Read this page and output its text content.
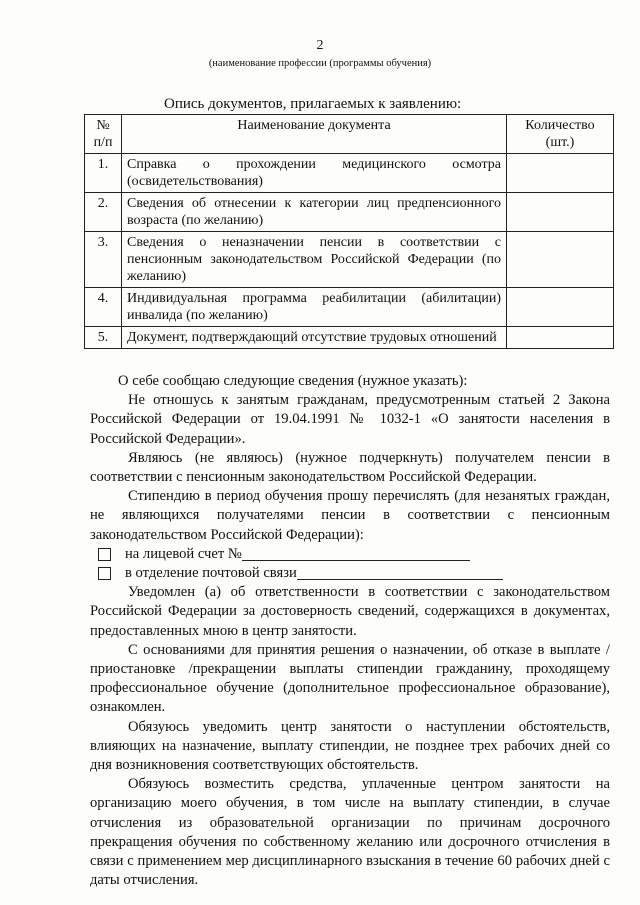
2
(наименование профессии (программы обучения)
Опись документов, прилагаемых к заявлению:
№ п/п	Наименование документа	Количество (шт.)
1.	Справка о прохождении медицинского осмотра (освидетельствования)	
2.	Сведения об отнесении к категории лиц предпенсионного возраста (по желанию)	
3.	Сведения о неназначении пенсии в соответствии с пенсионным законодательством Российской Федерации (по желанию)	
4.	Индивидуальная программа реабилитации (абилитации) инвалида (по желанию)	
5.	Документ, подтверждающий отсутствие трудовых отношений	

О себе сообщаю следующие сведения (нужное указать):

Не отношусь к занятым гражданам, предусмотренным статьей 2 Закона Российской Федерации от 19.04.1991 № 1032-1 «О занятости населения в Российской Федерации».

Являюсь (не являюсь) (нужное подчеркнуть) получателем пенсии в соответствии с пенсионным законодательством Российской Федерации.

Стипендию в период обучения прошу перечислять (для незанятых граждан, не являющихся получателями пенсии в соответствии с пенсионным законодательством Российской Федерации):

на лицевой счет №
в отделение почтовой связи

Уведомлен (а) об ответственности в соответствии с законодательством Российской Федерации за достоверность сведений, содержащихся в документах, предоставленных мною в центр занятости.

С основаниями для принятия решения о назначении, об отказе в выплате /приостановке /прекращении выплаты стипендии гражданину, проходящему профессиональное обучение (дополнительное профессиональное образование), ознакомлен.

Обязуюсь уведомить центр занятости о наступлении обстоятельств, влияющих на назначение, выплату стипендии, не позднее трех рабочих дней со дня возникновения соответствующих обстоятельств.

Обязуюсь возместить средства, уплаченные центром занятости на организацию моего обучения, в том числе на выплату стипендии, в случае отчисления из образовательной организации по причинам досрочного прекращения обучения по собственному желанию или досрочного отчисления в связи с применением мер дисциплинарного взыскания в течение 60 рабочих дней с даты отчисления.
